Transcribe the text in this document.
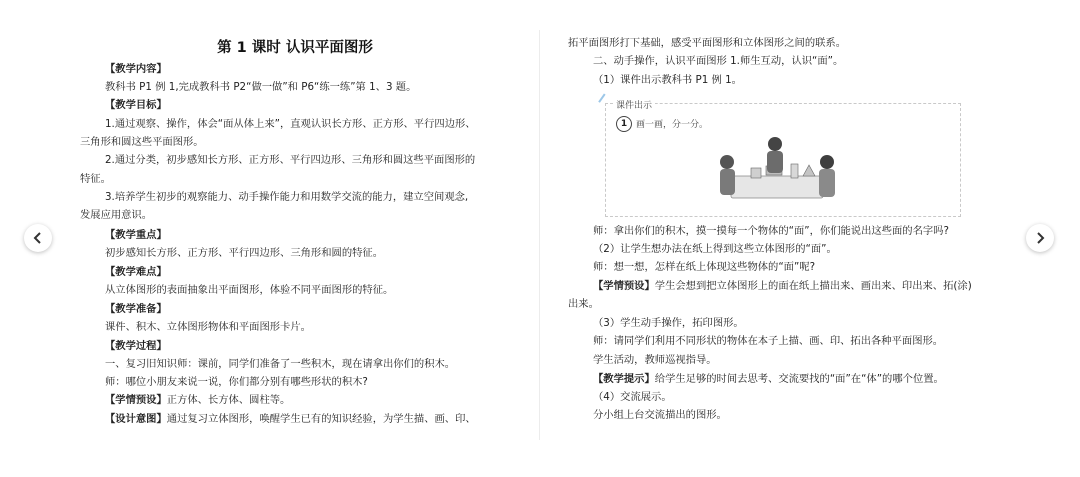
第 1 课时 认识平面图形
【教学内容】
教科书 P1 例 1,完成教科书 P2“做一做”和 P6“练一练”第 1、3 题。
【教学目标】
1.通过观察、操作，体会“面从体上来”，直观认识长方形、正方形、平行四边形、
三角形和圆这些平面图形。
2.通过分类，初步感知长方形、正方形、平行四边形、三角形和圆这些平面图形的
特征。
3.培养学生初步的观察能力、动手操作能力和用数学交流的能力，建立空间观念,
发展应用意识。
【教学重点】
初步感知长方形、正方形、平行四边形、三角形和圆的特征。
【教学难点】
从立体图形的表面抽象出平面图形，体验不同平面图形的特征。
【教学准备】
课件、积木、立体图形物体和平面图形卡片。
【教学过程】
一、复习旧知识师：课前，同学们准备了一些积木，现在请拿出你们的积木。
师：哪位小朋友来说一说，你们都分别有哪些形状的积木?
【学情预设】正方体、长方体、圆柱等。
【设计意图】通过复习立体图形，唤醒学生已有的知识经验，为学生描、画、印、
拓平面图形打下基础，感受平面图形和立体图形之间的联系。
二、动手操作，认识平面图形 1.师生互动，认识“面”。
（1）课件出示教科书 P1 例 1。
课件出示
1 画一画，分一分。
师：拿出你们的积木，摸一摸每一个物体的“面”，你们能说出这些面的名字吗?
（2）让学生想办法在纸上得到这些立体图形的“面”。
师：想一想，怎样在纸上体现这些物体的“面”呢?
【学情预设】学生会想到把立体图形上的面在纸上描出来、画出来、印出来、拓(涂)
出来。
（3）学生动手操作，拓印图形。
师：请同学们利用不同形状的物体在本子上描、画、印、拓出各种平面图形。
学生活动，教师巡视指导。
【教学提示】给学生足够的时间去思考、交流要找的“面”在“体”的哪个位置。
（4）交流展示。
分小组上台交流描出的图形。
